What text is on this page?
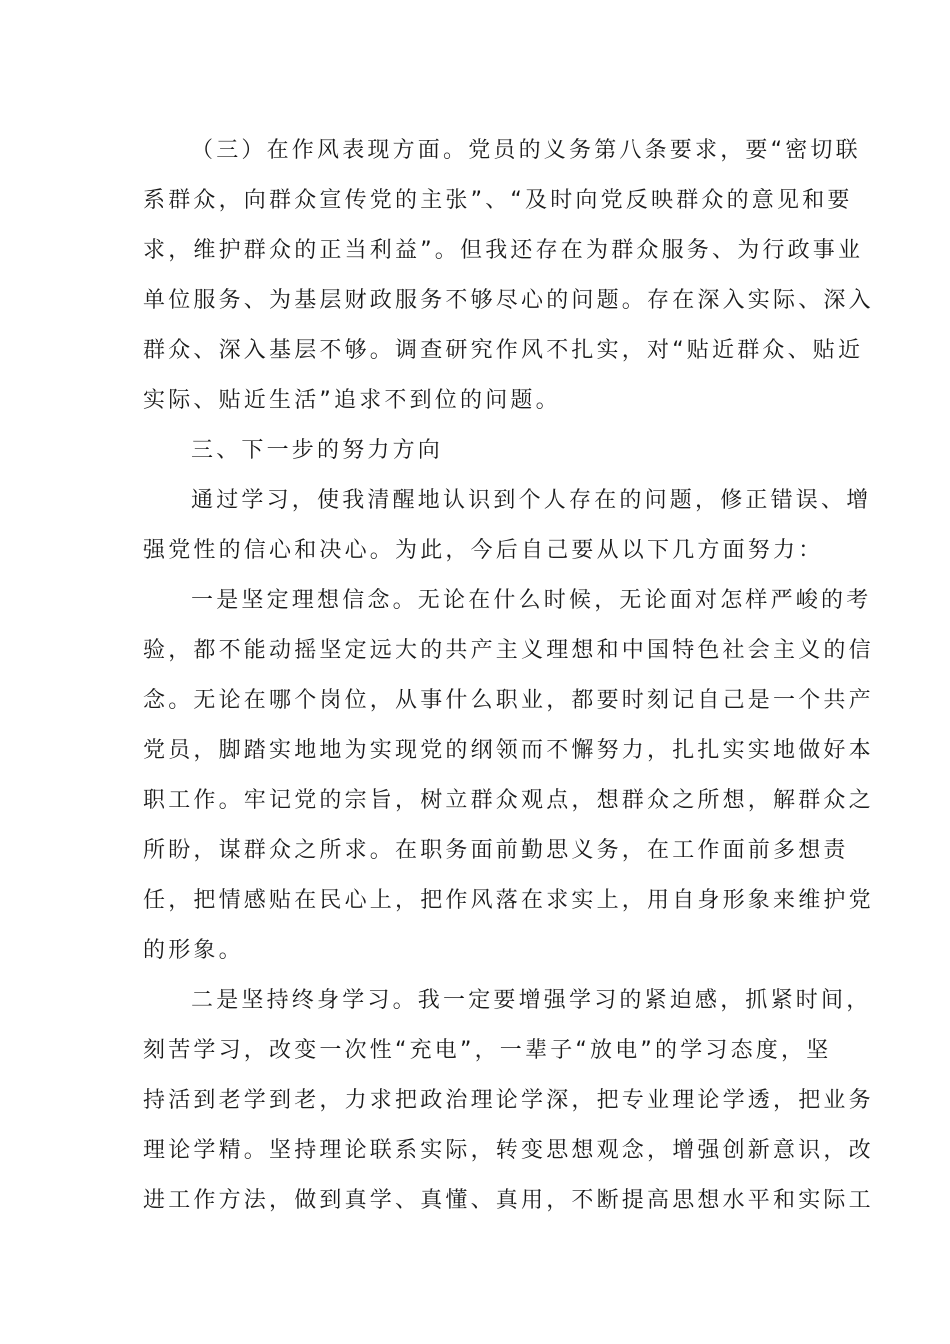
（三）在作风表现方面。党员的义务第八条要求，要“密切联
系群众，向群众宣传党的主张”、“及时向党反映群众的意见和要
求，维护群众的正当利益”。但我还存在为群众服务、为行政事业
单位服务、为基层财政服务不够尽心的问题。存在深入实际、深入
群众、深入基层不够。调查研究作风不扎实，对“贴近群众、贴近
实际、贴近生活”追求不到位的问题。
三、下一步的努力方向
通过学习，使我清醒地认识到个人存在的问题，修正错误、增
强党性的信心和决心。为此，今后自己要从以下几方面努力：
一是坚定理想信念。无论在什么时候，无论面对怎样严峻的考
验，都不能动摇坚定远大的共产主义理想和中国特色社会主义的信
念。无论在哪个岗位，从事什么职业，都要时刻记自己是一个共产
党员，脚踏实地地为实现党的纲领而不懈努力，扎扎实实地做好本
职工作。牢记党的宗旨，树立群众观点，想群众之所想，解群众之
所盼，谋群众之所求。在职务面前勤思义务，在工作面前多想责
任，把情感贴在民心上，把作风落在求实上，用自身形象来维护党
的形象。
二是坚持终身学习。我一定要增强学习的紧迫感，抓紧时间，
刻苦学习，改变一次性“充电”，一辈子“放电”的学习态度，坚
持活到老学到老，力求把政治理论学深，把专业理论学透，把业务
理论学精。坚持理论联系实际，转变思想观念，增强创新意识，改
进工作方法，做到真学、真懂、真用，不断提高思想水平和实际工
